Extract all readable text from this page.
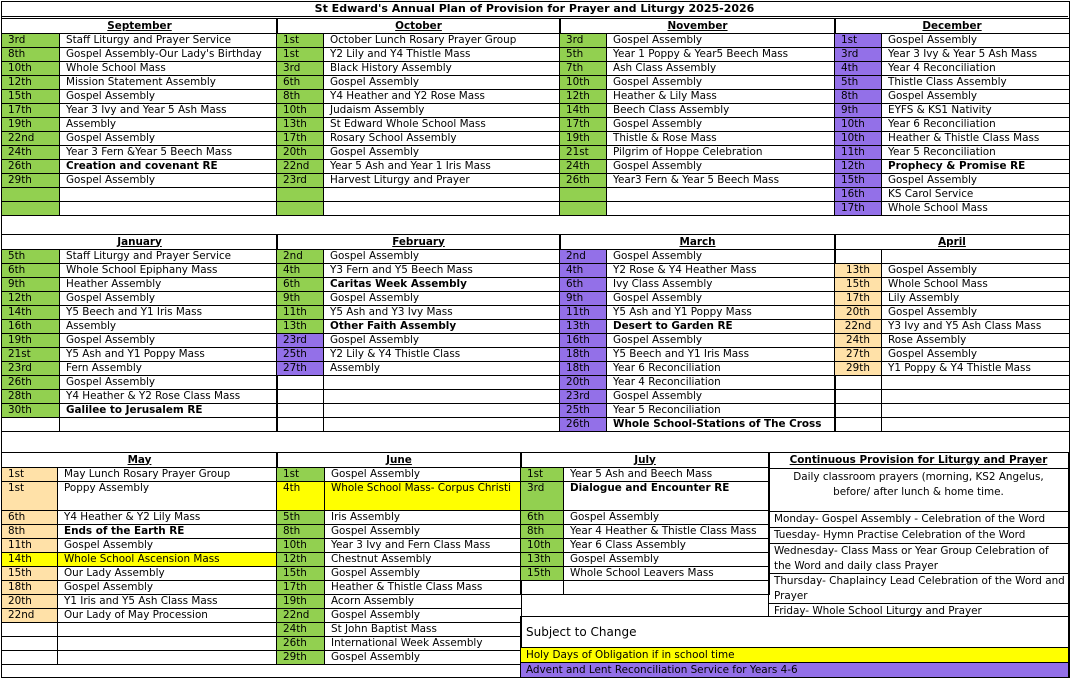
St Edward's Annual Plan of Provision for Prayer and Liturgy 2025-2026
September	
3rd	Staff Liturgy and Prayer Service
8th	Gospel Assembly-Our Lady's Birthday
10th	Whole School Mass
12th	Mission Statement Assembly
15th	Gospel Assembly
17th	Year 3 Ivy and Year 5 Ash Mass
19th	Assembly
22nd	Gospel Assembly
24th	Year 3 Fern &Year 5 Beech Mass
26th	Creation and covenant RE
29th	Gospel Assembly

October	
1st	October Lunch Rosary Prayer Group
1st	Y2 Lily and Y4 Thistle Mass
3rd	Black History Assembly
6th	Gospel Assembly
8th	Y4 Heather and Y2 Rose Mass
10th	Judaism Assembly
13th	St Edward Whole School Mass
17th	Rosary School Assembly
20th	Gospel Assembly
22nd	Year 5 Ash and Year 1 Iris Mass
23rd	Harvest Liturgy and Prayer

November	
3rd	Gospel Assembly
5th	Year 1 Poppy & Year5 Beech Mass
7th	Ash Class Assembly
10th	Gospel Assembly
12th	Heather & Lily Mass
14th	Beech Class Assembly
17th	Gospel Assembly
19th	Thistle & Rose Mass
21st	Pilgrim of Hoppe Celebration
24th	Gospel Assembly
26th	Year3 Fern & Year 5 Beech Mass

December	
1st	Gospel Assembly
3rd	Year 3 Ivy & Year 5 Ash Mass
4th	Year 4 Reconciliation
5th	Thistle Class Assembly
8th	Gospel Assembly
9th	EYFS & KS1 Nativity
10th	Year 6 Reconciliation
10th	Heather & Thistle Class Mass
11th	Year 5 Reconciliation
12th	Prophecy & Promise RE
15th	Gospel Assembly
16th	KS Carol Service
17th	Whole School Mass
January	
5th	Staff Liturgy and Prayer Service
6th	Whole School Epiphany Mass
9th	Heather Assembly
12th	Gospel Assembly
14th	Y5 Beech and Y1 Iris Mass
16th	Assembly
19th	Gospel Assembly
21st	Y5 Ash and Y1 Poppy Mass
23rd	Fern Assembly
26th	Gospel Assembly
28th	Y4 Heather & Y2 Rose Class Mass
30th	Galilee to Jerusalem RE

February	
2nd	Gospel Assembly
4th	Y3 Fern and Y5 Beech Mass
6th	Caritas Week Assembly
9th	Gospel Assembly
11th	Y5 Ash and Y3 Ivy Mass
13th	Other Faith Assembly
23rd	Gospel Assembly
25th	Y2 Lily & Y4 Thistle Class
27th	Assembly

March	
2nd	Gospel Assembly
4th	Y2 Rose & Y4 Heather Mass
6th	Ivy Class Assembly
9th	Gospel Assembly
11th	Y5 Ash and Y1 Poppy Mass
13th	Desert to Garden RE
16th	Gospel Assembly
18th	Y5 Beech and Y1 Iris Mass
18th	Year 6 Reconciliation
20th	Year 4 Reconciliation
23rd	Gospel Assembly
25th	Year 5 Reconciliation
26th	Whole School-Stations of The Cross
April	

13th	Gospel Assembly
15th	Whole School Mass
17th	Lily Assembly
20th	Gospel Assembly
22nd	Y3 Ivy and Y5 Ash Class Mass
24th	Rose Assembly
27th	Gospel Assembly
29th	Y1 Poppy & Y4 Thistle Mass

May	
1st	May Lunch Rosary Prayer Group
1st	Poppy Assembly
6th	Y4 Heather & Y2 Lily Mass
8th	Ends of the Earth RE
11th	Gospel Assembly
14th	Whole School Ascension Mass
15th	Our Lady Assembly
18th	Gospel Assembly
20th	Y1 Iris and Y5 Ash Class Mass
22nd	Our Lady of May Procession

June	
1st	Gospel Assembly
4th	Whole School Mass- Corpus Christi
5th	Iris Assembly
8th	Gospel Assembly
10th	Year 3 Ivy and Fern Class Mass
12th	Chestnut Assembly
15th	Gospel Assembly
17th	Heather & Thistle Class Mass
19th	Acorn Assembly
22nd	Gospel Assembly
24th	St John Baptist Mass
26th	International Week Assembly
29th	Gospel Assembly
July	
1st	Year 5 Ash and Beech Mass
3rd	Dialogue and Encounter RE
6th	Gospel Assembly
8th	Year 4 Heather & Thistle Class Mass
10th	Year 6 Class Assembly
13th	Gospel Assembly
15th	Whole School Leavers Mass

Continuous Provision for Liturgy and Prayer
Daily classroom prayers (morning, KS2 Angelus, before/ after lunch & home time.
Monday- Gospel Assembly - Celebration of the Word
Tuesday- Hymn Practise Celebration of the Word
Wednesday- Class Mass or Year Group Celebration of the Word and daily class Prayer
Thursday- Chaplaincy Lead Celebration of the Word and Prayer
Friday- Whole School Liturgy and Prayer
Subject to Change
Holy Days of Obligation if in school time
Advent and Lent Reconciliation Service for Years 4-6
